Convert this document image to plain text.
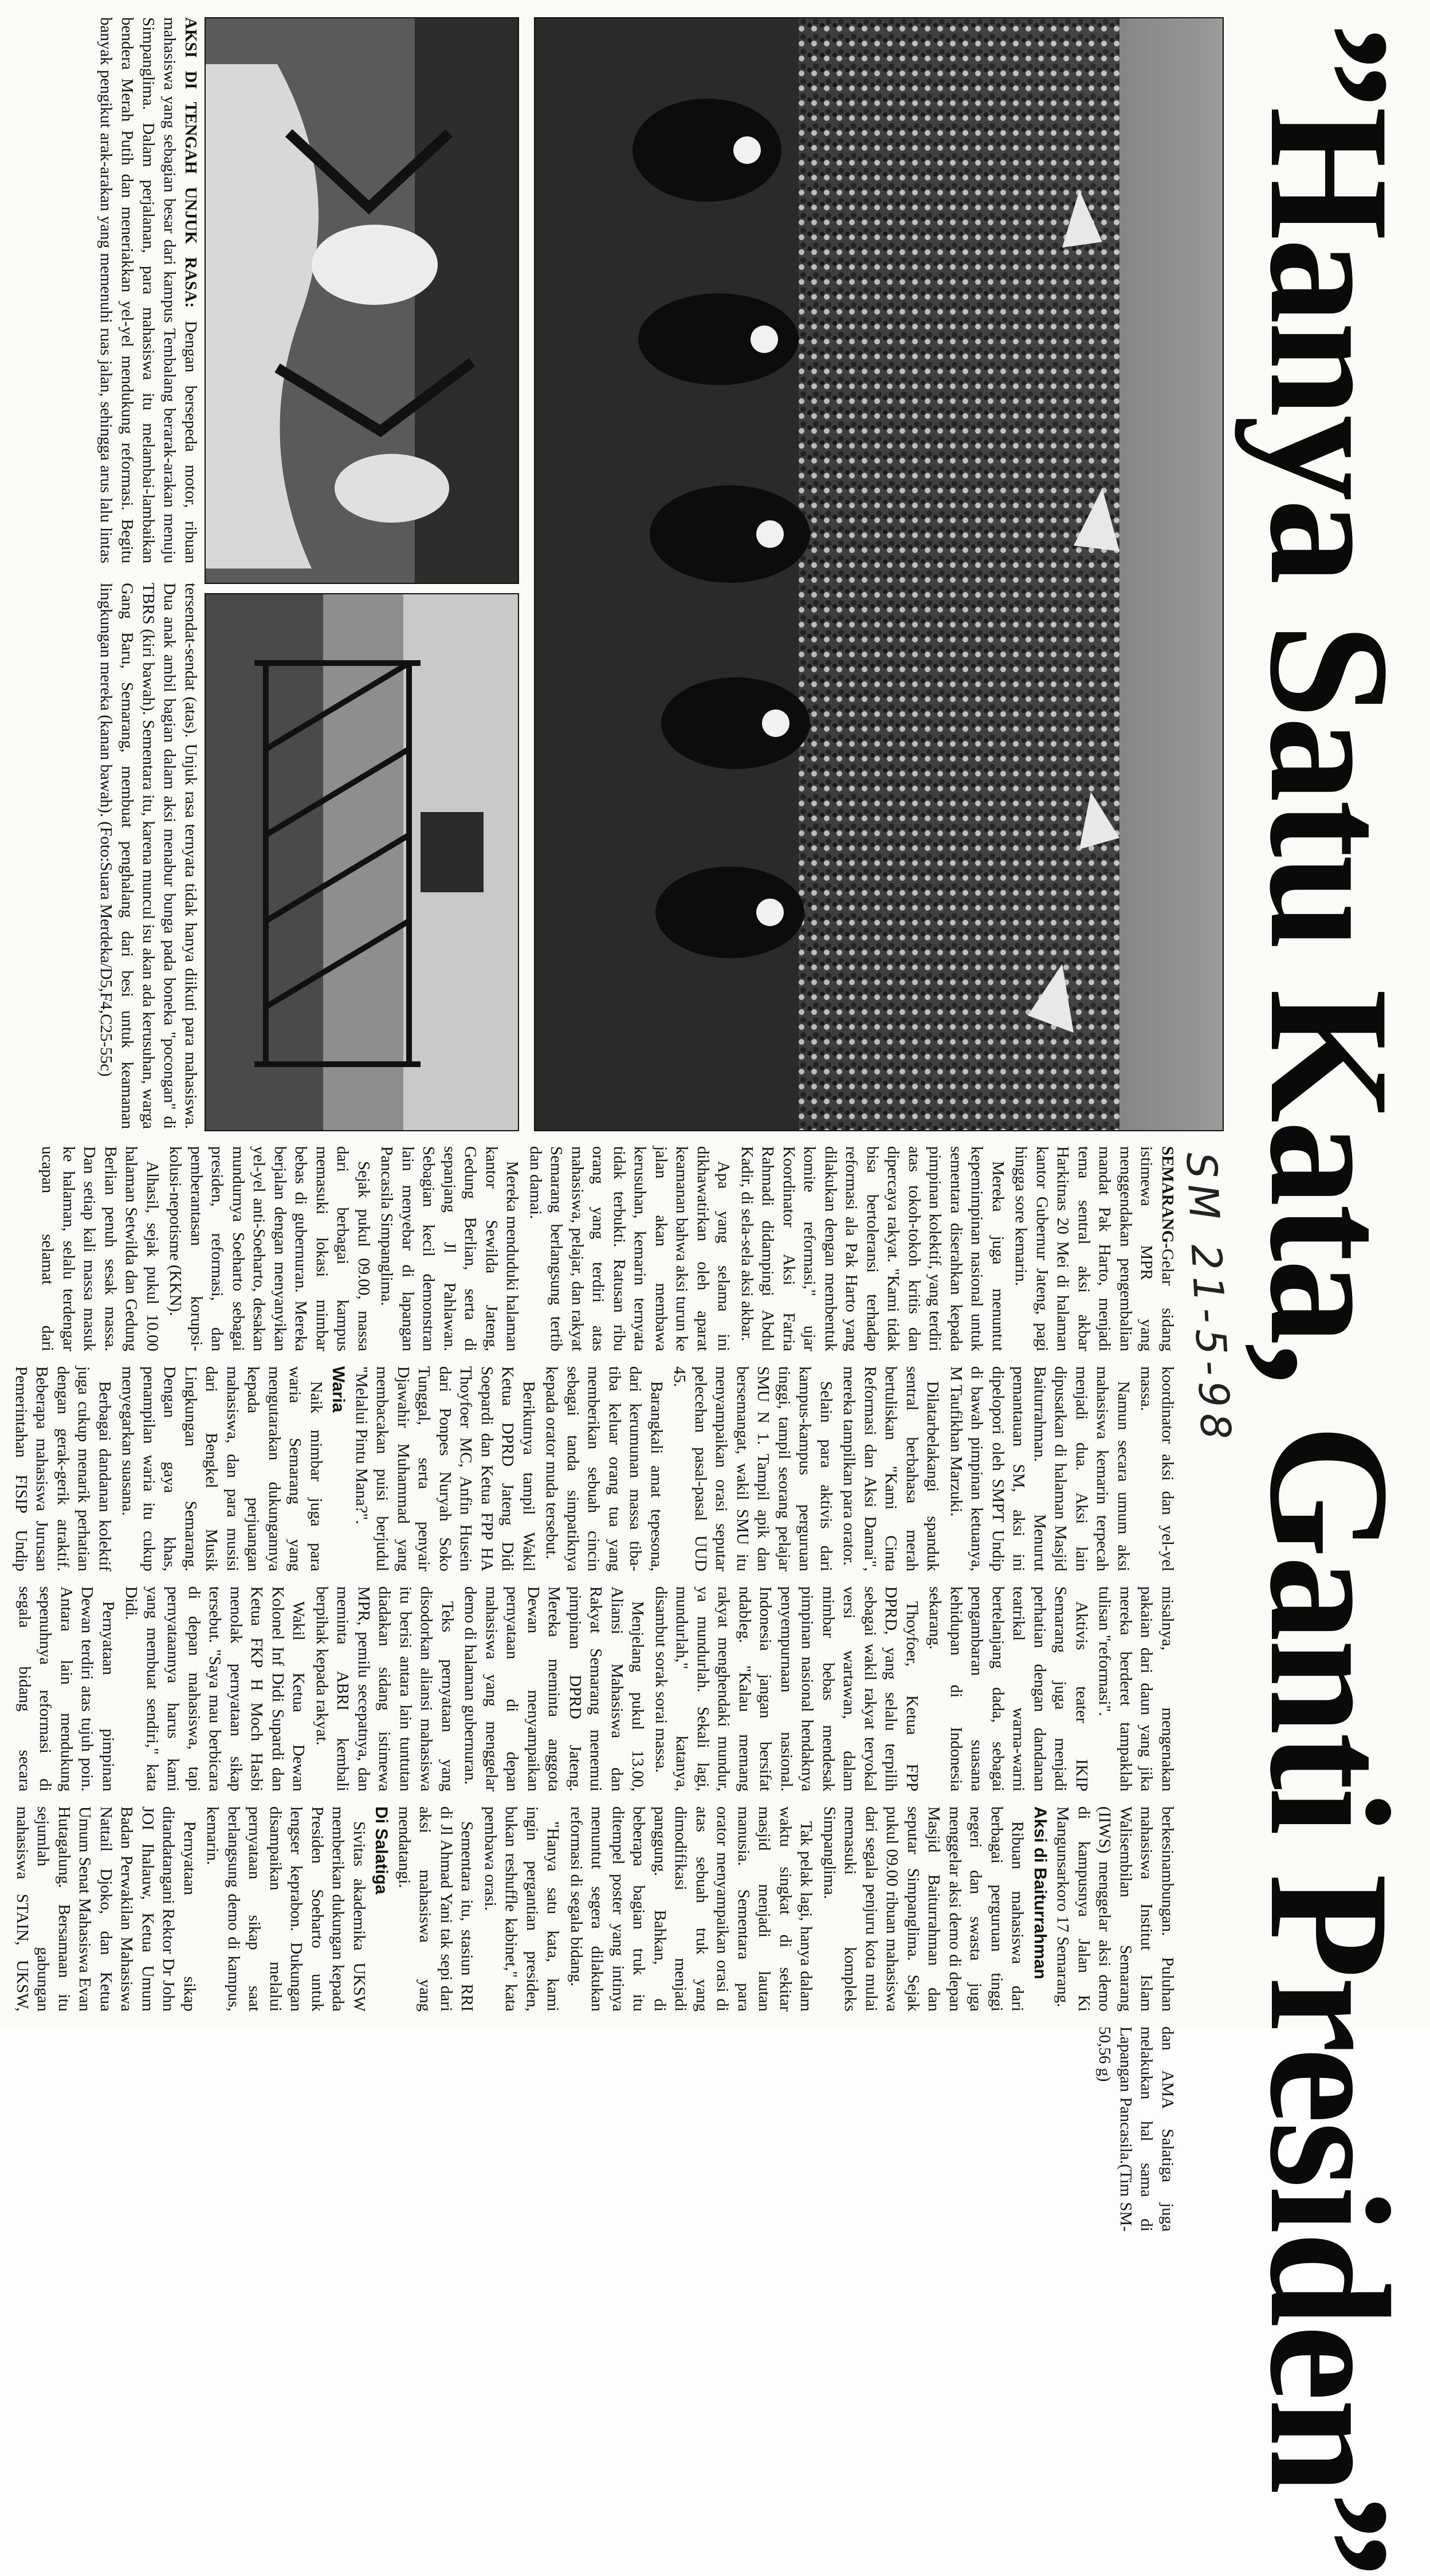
”Hanya Satu Kata, Ganti Presiden”
SM 21-5-98
AKSI DI TENGAH UNJUK RASA: Dengan bersepeda motor, ribuan mahasiswa yang sebagian besar dari kampus Tembalang berarak-arakan menuju Simpanglima. Dalam perjalanan, para mahasiswa itu melambai-lambaikan bendera Merah Putih dan meneriakkan yel-yel mendukung reformasi. Begitu banyak pengikut arak-arakan yang memenuhi ruas jalan, sehingga arus lalu lintas tersendat-sendat (atas). Unjuk rasa ternyata tidak hanya diikuti para mahasiswa. Dua anak ambil bagian dalam aksi menabur bunga pada boneka "pocongan" di TBRS (kiri bawah). Sementara itu, karena muncul isu akan ada kerusuhan, warga Gang Baru, Semarang, membuat penghalang dari besi untuk keamanan lingkungan mereka (kanan bawah). (Foto:Suara Merdeka/D5,F4,C25-55c)

SEMARANG-Gelar sidang istimewa MPR yang menggendakan pengembalian mandat Pak Harto, menjadi tema sentral aksi akbar Harkitnas 20 Mei di halaman kantor Gubernur Jateng, pagi hingga sore kemarin.

Mereka juga menuntut kepemimpinan nasional untuk sementara diserahkan kepada pimpinan kolektif, yang terdiri atas tokoh-tokoh kritis dan dipercaya rakyat. "Kami tidak bisa bertoleransi terhadap reformasi ala Pak Harto yang dilakukan dengan membentuk komite reformasi," ujar Koordinator Aksi Fatria Rahmadi didampingi Abdul Kadir, di sela-sela aksi akbar.

Apa yang selama ini dikhawatirkan oleh aparat keamanan bahwa aksi turun ke jalan akan membawa kerusuhan, kemarin ternyata tidak terbukti. Ratusan ribu orang yang terdiri atas mahasiswa, pelajar, dan rakyat Semarang berlangsung tertib dan damai.

Mereka menduduki halaman kantor Sewilda Jateng, Gedung Berlian, serta di sepanjang Jl Pahlawan. Sebagian kecil demonstran lain menyebar di lapangan Pancasila Simpanglima.

Sejak pukul 09.00, massa dari berbagai kampus memasuki lokasi mimbar bebas di gubernuran. Mereka berjalan dengan menyanyikan yel-yel anti-Soeharto, desakan mundurnya Soeharto sebagai presiden, reformasi, dan pemberantasan korupsi-kolusi-nepotisme (KKN).

Alhasil, sejak pukul 10.00 halaman Setwilda dan Gedung Berlian penuh sesak massa. Dan setiap kali massa masuk ke halaman, selalu terdengar ucapan selamat dari koordinator aksi dan yel-yel massa.

Namun secara umum aksi mahasiswa kemarin terpecah menjadi dua. Aksi lain dipusatkan di halaman Masjid Baiturrahman. Menurut pemantauan SM, aksi ini dipelopori oleh SMPT Undip di bawah pimpinan ketuanya, M Taufikhan Marzuki.

Dilatarbelakangi spanduk sentral berbahasa merah bertuliskan "Kami Cinta Reformasi dan Aksi Damai", mereka tampilkan para orator.

Selain para aktivis dari kampus-kampus perguruan tinggi, tampil seorang pelajar SMU N 1. Tampil apik dan bersemangat, wakil SMU itu menyampaikan orasi seputar pelecehan pasal-pasal UUD 45.

Barangkali amat tepesona, dari kerumunan massa tiba-tiba keluar orang tua yang memberikan sebuah cincin sebagai tanda simpatiknya kepada orator muda tersebut.

Berikutnya tampil Wakil Ketua DPRD Jateng Didi Soepardi dan Ketua FPP HA Thoyfoer MC, Anfin Husein dari Ponpes Nuryah Soko Tunggal, serta penyair Djawahir Muhammad yang membacakan puisi berjudul "Melalui Pintu Mana?".

Waria

Naik mimbar juga para waria Semarang yang mengutarakan dukungannya kepada perjuangan mahasiswa, dan para musisi dari Bengkel Musik Lingkungan Semarang. Dengan gaya khas, penampilan waria itu cukup menyegarkan suasana.

Berbagai dandanan kolektif juga cukup menarik perhatian dengan gerak-gerik atraktif. Beberapa mahasiswa Jurusan Pemerintahan FISIP Undip misalnya, mengenakan pakaian dari daun yang jika mereka berderet tampaklah tulisan "reformasi".

Aktivis teater IKIP Semarang juga menjadi perhatian dengan dandanan teatrikal warna-warni bertelanjang dada, sebagai pengambaran suasana kehidupan di Indonesia sekarang.

Thoyfoer, Ketua FPP DPRD, yang selalu terpilih sebagai wakil rakyat teryokal versi wartawan, dalam mimbar bebas mendesak pimpinan nasional hendaknya penyempurnaan nasional. Indonesia jangan bersifat ndableg. "Kalau memang rakyat menghendaki mundur, ya mundurlah. Sekali lagi, mundurlah," katanya, disambut sorak sorai massa.

Menjelang pukul 13.00, Aliansi Mahasiswa dan Rakyat Semarang menemui pimpinan DPRD Jateng. Mereka meminta anggota Dewan menyampaikan pernyataan di depan mahasiswa yang menggelar demo di halaman gubernuran.

Teks pernyataan yang disodorkan aliansi mahasiswa itu berisi antara lain tuntutan diadakan sidang istimewa MPR, pemilu secepatnya, dan meminta ABRI kembali berpihak kepada rakyat.

Wakil Ketua Dewan Kolonel Inf Didi Supardi dan Ketua FKP H Moch Hasbi menolak pernyataan sikap tersebut. "Saya mau berbicara di depan mahasiswa, tapi pernyataannya harus kami yang membuat sendiri," kata Didi.

Pernyataan pimpinan Dewan terdiri atas tujuh poin. Antara lain mendukung sepenuhnya reformasi di segala bidang secara berkesinambungan. Puluhan mahasiswa Institut Islam Walisembilan Semarang (IIWS) menggelar aksi demo di kampusnya Jalan Ki Mangunsarkoro 17 Semarang.

Aksi di Baiturrahman

Ribuan mahasiswa dari berbagai perguruan tinggi negeri dan swasta juga menggelar aksi demo di depan Masjid Baiturrahman dan seputar Simpanglima. Sejak pukul 09.00 ribuan mahasiswa dari segala penjuru kota mulai memasuki kompleks Simpanglima.

Tak pelak lagi, hanya dalam waktu singkat di sekitar masjid menjadi lautan manusia. Sementara para orator menyampaikan orasi di atas sebuah truk yang dimodifikasi menjadi panggung. Bahkan, di beberapa bagian truk itu ditempel poster yang intinya menuntut segera dilakukan reformasi di segala bidang.

"Hanya satu kata, kami ingin pergantian presiden, bukan reshuffle kabinet," kata pembawa orasi.

Sementara itu, stasiun RRI di Jl Ahmad Yani tak sepi dari aksi mahasiswa yang mendatangi.

Di Salatiga

Sivitas akademika UKSW memberikan dukungan kepada Presiden Soeharto untuk lengser keprabon. Dukungan disampaikan melalui pernyataan sikap saat berlangsung demo di kampus, kemarin.

Pernyataan sikap ditandatangani Rektor Dr John JOI Ihalauw, Ketua Umum Badan Perwakilan Mahasiswa Nattail Djoko, dan Ketua Umum Senat Mahasiswa Evan Hutagalung. Bersamaan itu sejumlah gabungan mahasiswa STAIN, UKSW, dan AMA Salatiga juga melakukan hal sama di Lapangan Pancasila.(Tim SM-50,56 g)
